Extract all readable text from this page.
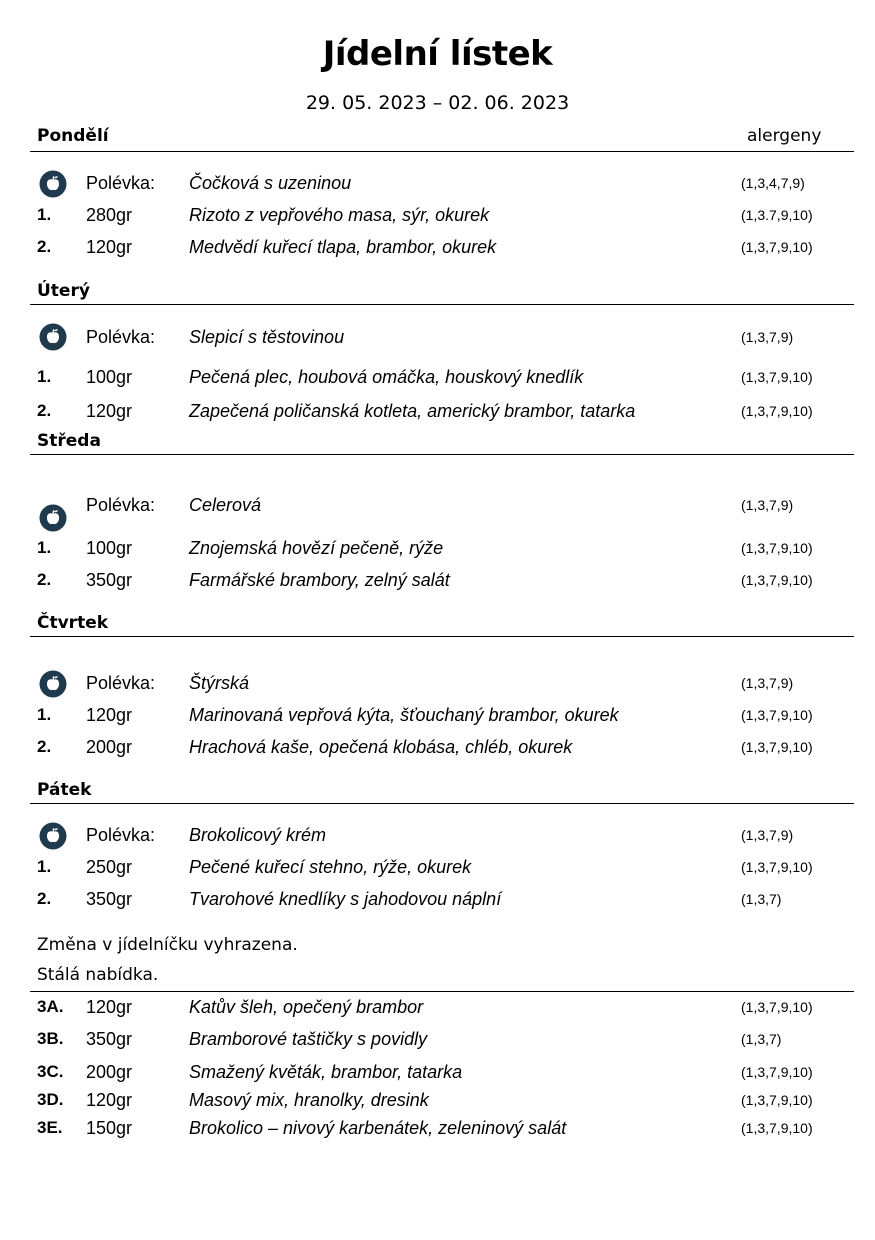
Jídelní lístek
29. 05. 2023 – 02. 06. 2023
Pondělí	alergeny
Polévka: Čočková s uzeninou	(1,3,4,7,9)
1. 280gr	Rizoto z vepřového masa, sýr, okurek	(1,3.7,9,10)
2. 120gr	Medvědí kuřecí tlapa, brambor, okurek	(1,3,7,9,10)
Úterý
Polévka: Slepicí s těstovinou	(1,3,7,9)
1. 100gr	Pečená plec, houbová omáčka, houskový knedlík	(1,3,7,9,10)
2. 120gr	Zapečená poličanská kotleta, americký brambor, tatarka	(1,3,7,9,10)
Středa
Polévka: Celerová	(1,3,7,9)
1. 100gr	Znojemská hovězí pečeně, rýže	(1,3,7,9,10)
2. 350gr	Farmářské brambory, zelný salát	(1,3,7,9,10)
Čtvrtek
Polévka: Štýrská	(1,3,7,9)
1. 120gr	Marinovaná vepřová kýta, šťouchaný brambor, okurek	(1,3,7,9,10)
2. 200gr	Hrachová kaše, opečená klobása, chléb, okurek	(1,3,7,9,10)
Pátek
Polévka: Brokolicový krém	(1,3,7,9)
1. 250gr	Pečené kuřecí stehno, rýže, okurek	(1,3,7,9,10)
2. 350gr	Tvarohové knedlíky s jahodovou náplní	(1,3,7)
Změna v jídelníčku vyhrazena.
Stálá nabídka.
3A. 120gr	Katův šleh, opečený brambor	(1,3,7,9,10)
3B. 350gr	Bramborové taštičky s povidly	(1,3,7)
3C. 200gr	Smažený květák, brambor, tatarka	(1,3,7,9,10)
3D. 120gr	Masový mix, hranolky, dresink	(1,3,7,9,10)
3E. 150gr	Brokolico – nivový karbenátek, zeleninový salát	(1,3,7,9,10)
